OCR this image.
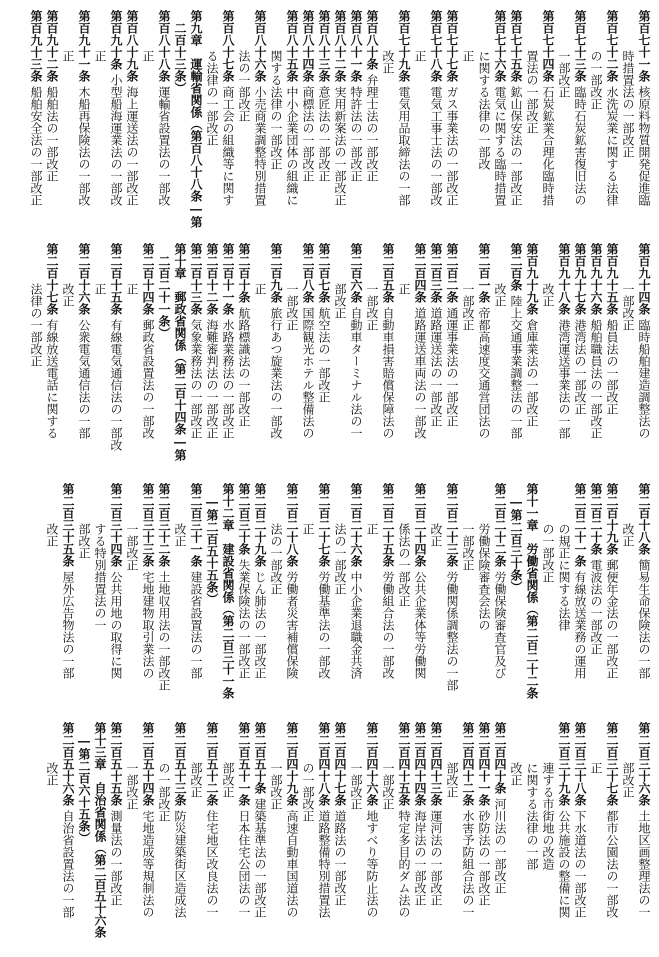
第百七十一条
核原料物質開発促進臨
時措置法の一部改正
第百七十二条
水洗炭業に関する法律
の一部改正
第百七十三条
臨時石炭鉱害復旧法の
一部改正
第百七十四条
石炭鉱業合理化臨時措
置法の一部改正
第百七十五条
鉱山保安法の一部改正
第百七十六条
電気に関する臨時措置
に関する法律の一部改
正
第百七十七条
ガス事業法の一部改正
第百七十八条
電気工事士法の一部改
正
第百七十九条
電気用品取締法の一部
改正
第百八十条
弁理士法の一部改正
第百八十一条
特許法の一部改正
第百八十二条
実用新案法の一部改正
第百八十三条
意匠法の一部改正
第百八十四条
商標法の一部改正
第百八十五条
中小企業団体の組織に
関する法律の一部改正
第百八十六条
小売商業調整特別措置
法の一部改正
第百八十七条
商工会の組織等に関す
る法律の一部改正
第九章　運輸省関係（第百八十八条―第
　二百十三条）
第百八十八条
運輸省設置法の一部改
正
第百八十九条
海上運送法の一部改正
第百九十条
小型船海運業法の一部改
正
第百九十一条
木船再保険法の一部改
正
第百九十二条
船舶法の一部改正
第百九十三条
船舶安全法の一部改正
第百九十四条
臨時船舶建造調整法の
一部改正
第百九十五条
船員法の一部改正
第百九十六条
船舶職員法の一部改正
第百九十七条
港湾法の一部改正
第百九十八条
港湾運送事業法の一部
改正
第百九十九条
倉庫業法の一部改正
第二百条
陸上交通事業調整法の一部
改正
第二百一条
帝都高速度交通営団法の
一部改正
第二百二条
通運事業法の一部改正
第二百三条
道路運送法の一部改正
第二百四条
道路運送車両法の一部改
正
第二百五条
自動車損害賠償保障法の
一部改正
第二百六条
自動車ターミナル法の一
部改正
第二百七条
航空法の一部改正
第二百八条
国際観光ホテル整備法の
一部改正
第二百九条
旅行あつ旋業法の一部改
正
第二百十条
航路標識法の一部改正
第二百十一条
水路業務法の一部改正
第二百十二条
海難審判法の一部改正
第二百十三条
気象業務法の一部改正
第十章　郵政省関係（第二百十四条―第
　二百二十一条）
第二百十四条
郵政省設置法の一部改
正
第二百十五条
有線電気通信法の一部改
正
第二百十六条
公衆電気通信法の一部
改正
第二百十七条
有線放送電話に関する
法律の一部改正
第二百十八条
簡易生命保険法の一部
改正
第二百十九条
郵便年金法の一部改正
第二百二十条
電波法の一部改正
第二百二十一条
有線放送業務の運用
の規正に関する法律
の一部改正
第十一章　労働省関係（第二百二十二条
　―第二百三十条）
第二百二十二条
労働保険審査官及び
労働保険審査会法の
一部改正
第二百二十三条
労働関係調整法の一部
改正
第二百二十四条
公共企業体等労働関
係法の一部改正
第二百二十五条
労働組合法の一部改
正
第二百二十六条
中小企業退職金共済
法の一部改正
第二百二十七条
労働基準法の一部改
正
第二百二十八条
労働者災害補償保険
法の一部改正
第二百二十九条
じん肺法の一部改正
第二百三十条
失業保険法の一部改正
第十二章　建設省関係（第二百三十一条
　―第二百五十五条）
第二百三十一条
建設省設置法の一部
改正
第二百三十二条
土地収用法の一部改正
第二百三十三条
宅地建物取引業法の
一部改正
第二百三十四条
公共用地の取得に関
する特別措置法の一
部改正
第二百三十五条
屋外広告物法の一部
改正
第二百三十六条
土地区画整理法の一
部改正
第二百三十七条
都市公園法の一部改
正
第二百三十八条
下水道法の一部改正
第二百三十九条
公共施設の整備に関
連する市街地の改造
に関する法律の一部
改正
第二百四十条
河川法の一部改正
第二百四十一条
砂防法の一部改正
第二百四十二条
水害予防組合法の一
部改正
第二百四十三条
運河法の一部改正
第二百四十四条
海岸法の一部改正
第二百四十五条
特定多目的ダム法の
一部改正
第二百四十六条
地すべり等防止法の
一部改正
第二百四十七条
道路法の一部改正
第二百四十八条
道路整備特別措置法
の一部改正
第二百四十九条
高速自動車国道法の
一部改正
第二百五十条
建築基準法の一部改正
第二百五十一条
日本住宅公団法の一
部改正
第二百五十二条
住宅地区改良法の一
部改正
第二百五十三条
防災建築街区造成法
の一部改正
第二百五十四条
宅地造成等規制法の
一部改正
第二百五十五条
測量法の一部改正
第十三章　自治省関係（第二百五十六条
　―第二百六十五条）
第二百五十六条
自治省設置法の一部
改正
